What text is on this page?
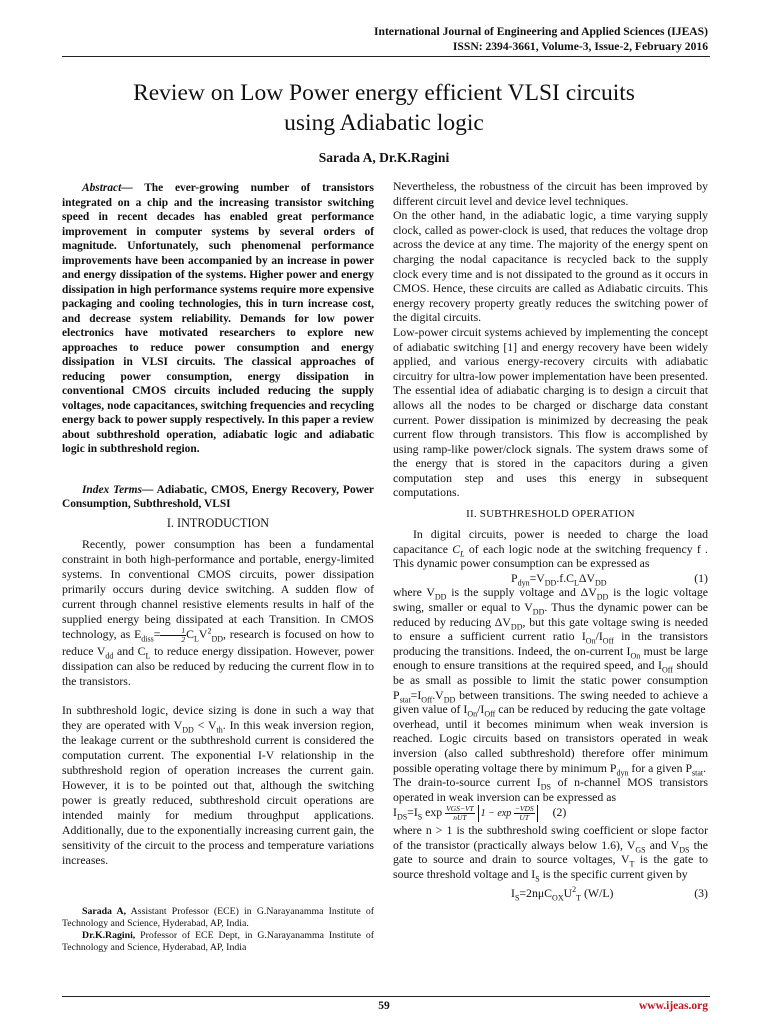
International Journal of Engineering and Applied Sciences (IJEAS)
ISSN: 2394-3661, Volume-3, Issue-2, February 2016
Review on Low Power energy efficient VLSI circuits
using Adiabatic logic
Sarada A, Dr.K.Ragini

Abstract— The ever-growing number of transistors integrated on a chip and the increasing transistor switching speed in recent decades has enabled great performance improvement in computer systems by several orders of magnitude. Unfortunately, such phenomenal performance improvements have been accompanied by an increase in power and energy dissipation of the systems. Higher power and energy dissipation in high performance systems require more expensive packaging and cooling technologies, this in turn increase cost, and decrease system reliability. Demands for low power electronics have motivated researchers to explore new approaches to reduce power consumption and energy dissipation in VLSI circuits. The classical approaches of reducing power consumption, energy dissipation in conventional CMOS circuits included reducing the supply voltages, node capacitances, switching frequencies and recycling energy back to power supply respectively. In this paper a review about subthreshold operation, adiabatic logic and adiabatic logic in subthreshold region.

Index Terms— Adiabatic, CMOS, Energy Recovery, Power Consumption, Subthreshold, VLSI

I. INTRODUCTION

Recently, power consumption has been a fundamental constraint in both high-performance and portable, energy-limited systems. In conventional CMOS circuits, power dissipation primarily occurs during device switching. A sudden flow of current through channel resistive elements results in half of the supplied energy being dissipated at each Transition. In CMOS technology, as $E_{diss}= \frac{1}{2} C_LV^2_{DD}$, research is focused on how to reduce $V_{dd}$ and $C_L$ to reduce energy dissipation. However, power dissipation can also be reduced by reducing the current flow in to the transistors.

In subthreshold logic, device sizing is done in such a way that they are operated with $V_{DD} < V_{th}$. In this weak inversion region, the leakage current or the subthreshold current is considered the computation current. The exponential I-V relationship in the subthreshold region of operation increases the current gain. However, it is to be pointed out that, although the switching power is greatly reduced, subthreshold circuit operations are intended mainly for medium throughput applications. Additionally, due to the exponentially increasing current gain, the sensitivity of the circuit to the process and temperature variations increases.

Sarada A, Assistant Professor (ECE) in G.Narayanamma Institute of Technology and Science, Hyderabad, AP, India.

Dr.K.Ragini, Professor of ECE Dept, in G.Narayanamma Institute of Technology and Science, Hyderabad, AP, India

Nevertheless, the robustness of the circuit has been improved by different circuit level and device level techniques.

On the other hand, in the adiabatic logic, a time varying supply clock, called as power-clock is used, that reduces the voltage drop across the device at any time. The majority of the energy spent on charging the nodal capacitance is recycled back to the supply clock every time and is not dissipated to the ground as it occurs in CMOS. Hence, these circuits are called as Adiabatic circuits. This energy recovery property greatly reduces the switching power of the digital circuits.

Low-power circuit systems achieved by implementing the concept of adiabatic switching [1] and energy recovery have been widely applied, and various energy-recovery circuits with adiabatic circuitry for ultra-low power implementation have been presented. The essential idea of adiabatic charging is to design a circuit that allows all the nodes to be charged or discharge data constant current. Power dissipation is minimized by decreasing the peak current flow through transistors. This flow is accomplished by using ramp-like power/clock signals. The system draws some of the energy that is stored in the capacitors during a given computation step and uses this energy in subsequent computations.

II. SUBTHRESHOLD OPERATION

In digital circuits, power is needed to charge the load capacitance $C_L$ of each logic node at the switching frequency f . This dynamic power consumption can be expressed as

$P_{dyn}=V_{DD}.f.C_L\Delta V_{DD}$	(1)

where $V_{DD}$ is the supply voltage and $\Delta V_{DD}$ is the logic voltage swing, smaller or equal to $V_{DD}$. Thus the dynamic power can be reduced by reducing $\Delta V_{DD}$, but this gate voltage swing is needed to ensure a sufficient current ratio $I_{On}/I_{Off}$ in the transistors producing the transitions. Indeed, the on-current $I_{On}$ must be large enough to ensure transitions at the required speed, and $I_{Off}$ should be as small as possible to limit the static power consumption $P_{stat}=I_{Off}.V_{DD}$ between transitions. The swing needed to achieve a given value of $I_{On}/I_{Off}$ can be reduced by reducing the gate voltage

overhead, until it becomes minimum when weak inversion is reached. Logic circuits based on transistors operated in weak inversion (also called subthreshold) therefore offer minimum possible operating voltage there by minimum $P_{dyn}$ for a given $P_{stat}$.

The drain-to-source current $I_{DS}$ of n-channel MOS transistors operated in weak inversion can be expressed as

$I_{DS}=I_S$ $\exp \frac{\text{VGS−VT}}{\text{nUT}} 1 - \exp \frac{\text{−VDS}}{UT} (2)$

where n > 1 is the subthreshold swing coefficient or slope factor of the transistor (practically always below 1.6), $V_{GS}$ and $V_{DS}$ the gate to source and drain to source voltages, $V_T$ is the gate to source threshold voltage and $I_S$ is the specific current given by

$I_S=2n\mu C_{OX}U^2_T$ (W/L)	(3)
59	www.ijeas.org
